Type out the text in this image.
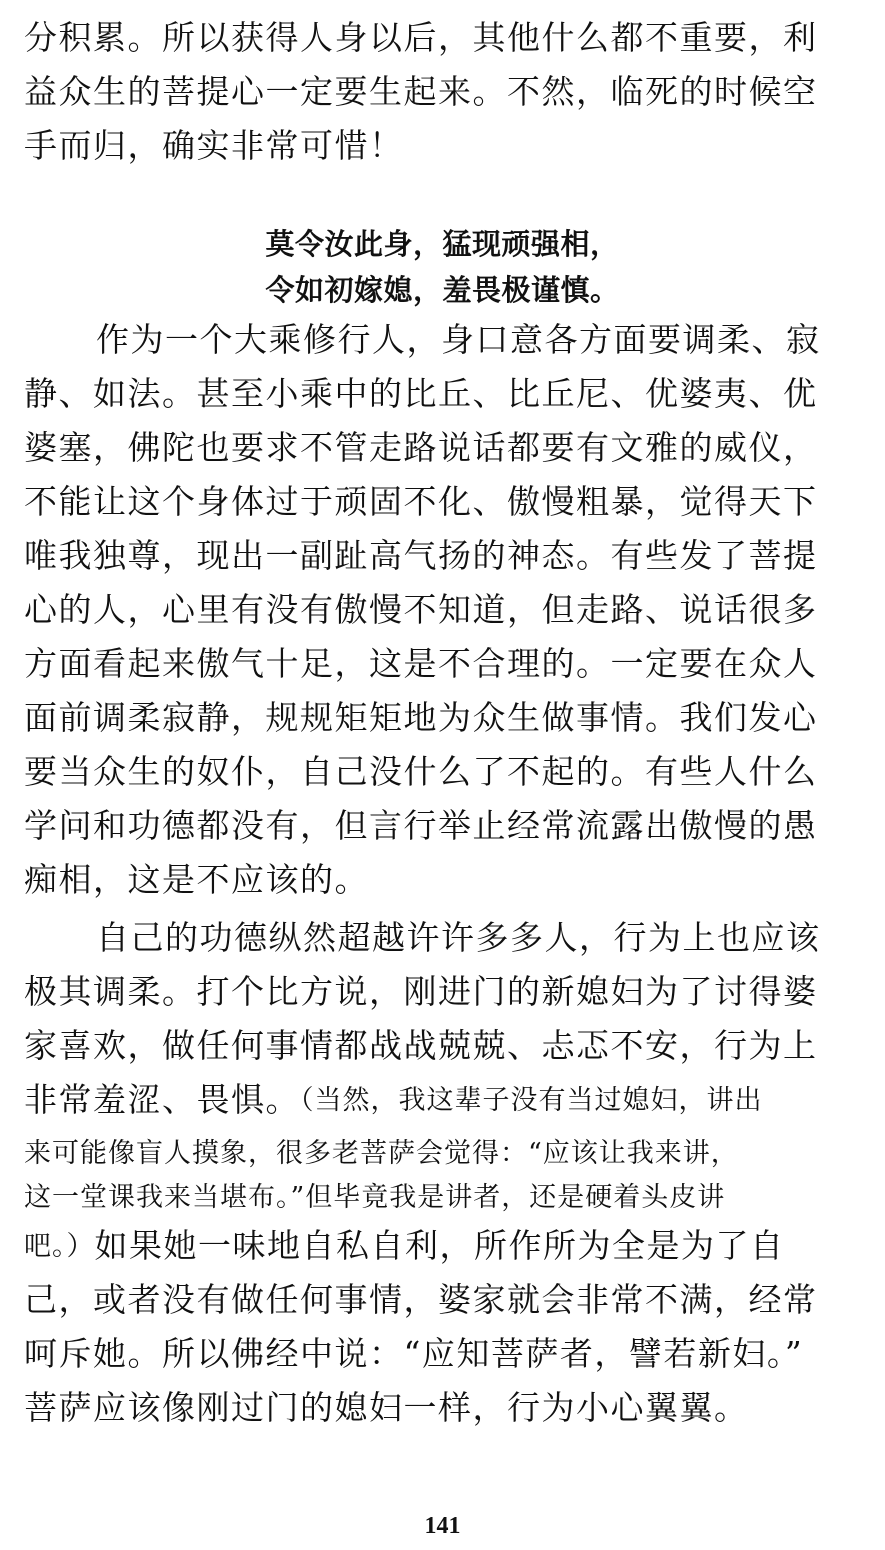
分积累。所以获得人身以后，其他什么都不重要，利
益众生的菩提心一定要生起来。不然，临死的时候空
手而归，确实非常可惜！
莫令汝此身，猛现顽强相，
令如初嫁媳，羞畏极谨慎。
作为一个大乘修行人，身口意各方面要调柔、寂
静、如法。甚至小乘中的比丘、比丘尼、优婆夷、优
婆塞，佛陀也要求不管走路说话都要有文雅的威仪，
不能让这个身体过于顽固不化、傲慢粗暴，觉得天下
唯我独尊，现出一副趾高气扬的神态。有些发了菩提
心的人，心里有没有傲慢不知道，但走路、说话很多
方面看起来傲气十足，这是不合理的。一定要在众人
面前调柔寂静，规规矩矩地为众生做事情。我们发心
要当众生的奴仆，自己没什么了不起的。有些人什么
学问和功德都没有，但言行举止经常流露出傲慢的愚
痴相，这是不应该的。
自己的功德纵然超越许许多多人，行为上也应该
极其调柔。打个比方说，刚进门的新媳妇为了讨得婆
家喜欢，做任何事情都战战兢兢、忐忑不安，行为上
非常羞涩、畏惧。（当然，我这辈子没有当过媳妇，讲出
来可能像盲人摸象，很多老菩萨会觉得：“应该让我来讲，
这一堂课我来当堪布。”但毕竟我是讲者，还是硬着头皮讲
吧。）如果她一味地自私自利，所作所为全是为了自
己，或者没有做任何事情，婆家就会非常不满，经常
呵斥她。所以佛经中说：“应知菩萨者，譬若新妇。”
菩萨应该像刚过门的媳妇一样，行为小心翼翼。
141
